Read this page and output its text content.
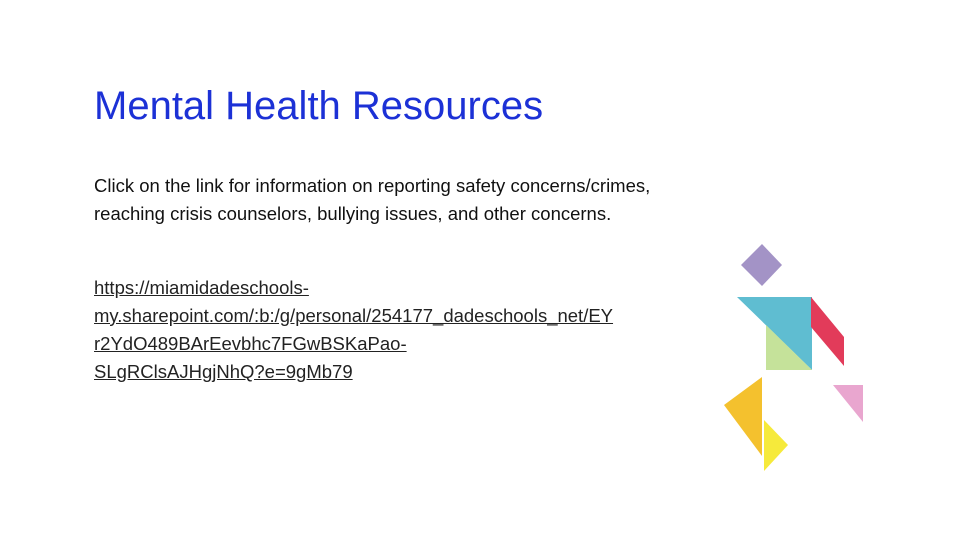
Mental Health Resources

Click on the link for information on reporting safety concerns/crimes, reaching crisis counselors, bullying issues, and other concerns.

https://miamidadeschools-
my.sharepoint.com/:b:/g/personal/254177_dadeschools_net/EY
r2YdO489BArEevbhc7FGwBSKaPao-
SLgRClsAJHgjNhQ?e=9gMb79
